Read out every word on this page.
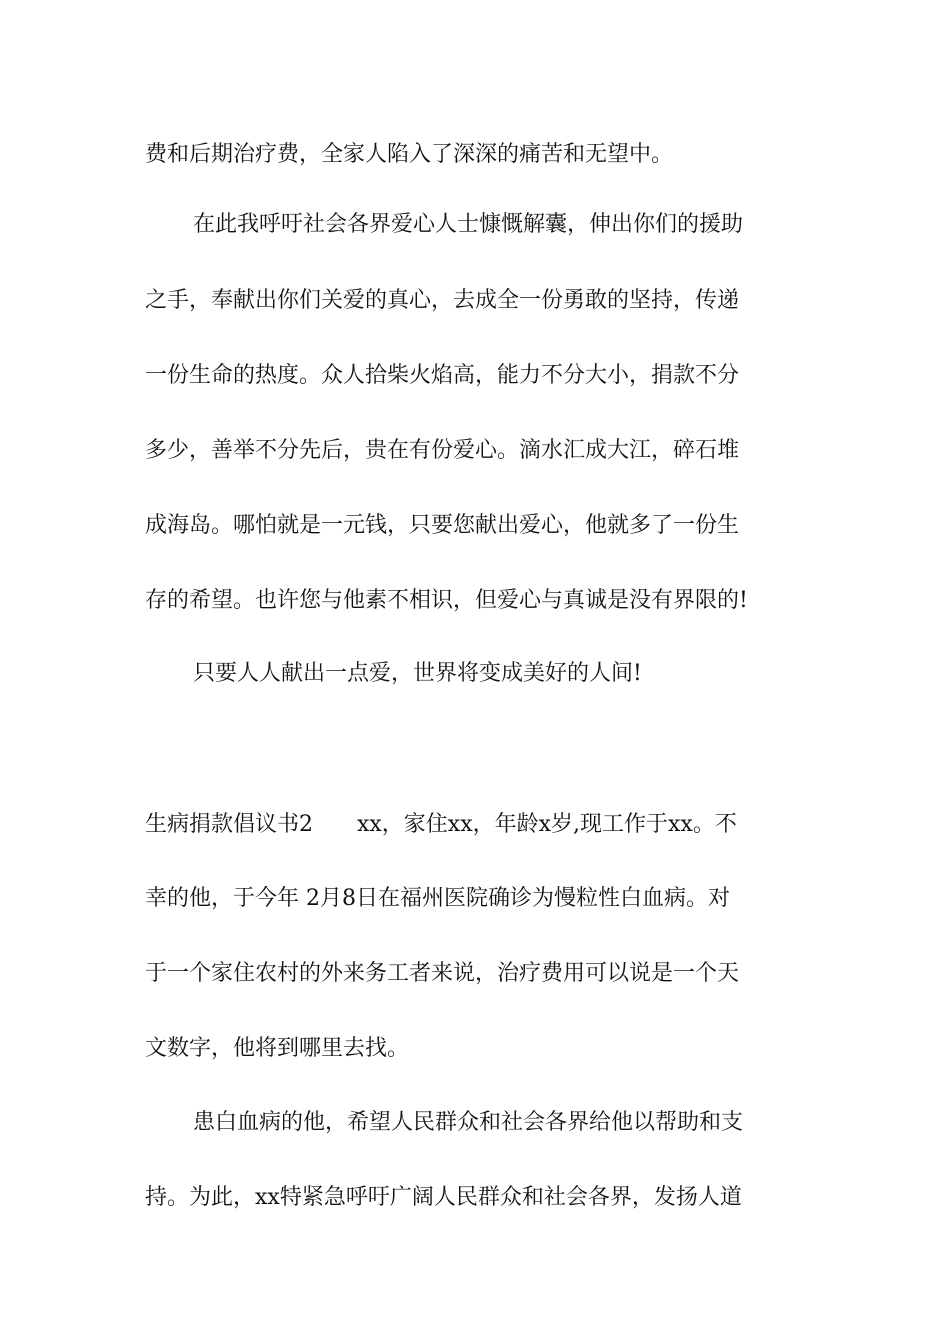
费和后期治疗费，全家人陷入了深深的痛苦和无望中。
在此我呼吁社会各界爱心人士慷慨解囊，伸出你们的援助
之手，奉献出你们关爱的真心，去成全一份勇敢的坚持，传递
一份生命的热度。众人拾柴火焰高，能力不分大小，捐款不分
多少，善举不分先后，贵在有份爱心。滴水汇成大江，碎石堆
成海岛。哪怕就是一元钱，只要您献出爱心，他就多了一份生
存的希望。也许您与他素不相识，但爱心与真诚是没有界限的!
只要人人献出一点爱，世界将变成美好的人间!
生病捐款倡议书2　　xx，家住xx，年龄x岁,现工作于xx。不
幸的他，于今年 2月8日在福州医院确诊为慢粒性白血病。对
于一个家住农村的外来务工者来说，治疗费用可以说是一个天
文数字，他将到哪里去找。
患白血病的他，希望人民群众和社会各界给他以帮助和支
持。为此，xx特紧急呼吁广阔人民群众和社会各界，发扬人道
